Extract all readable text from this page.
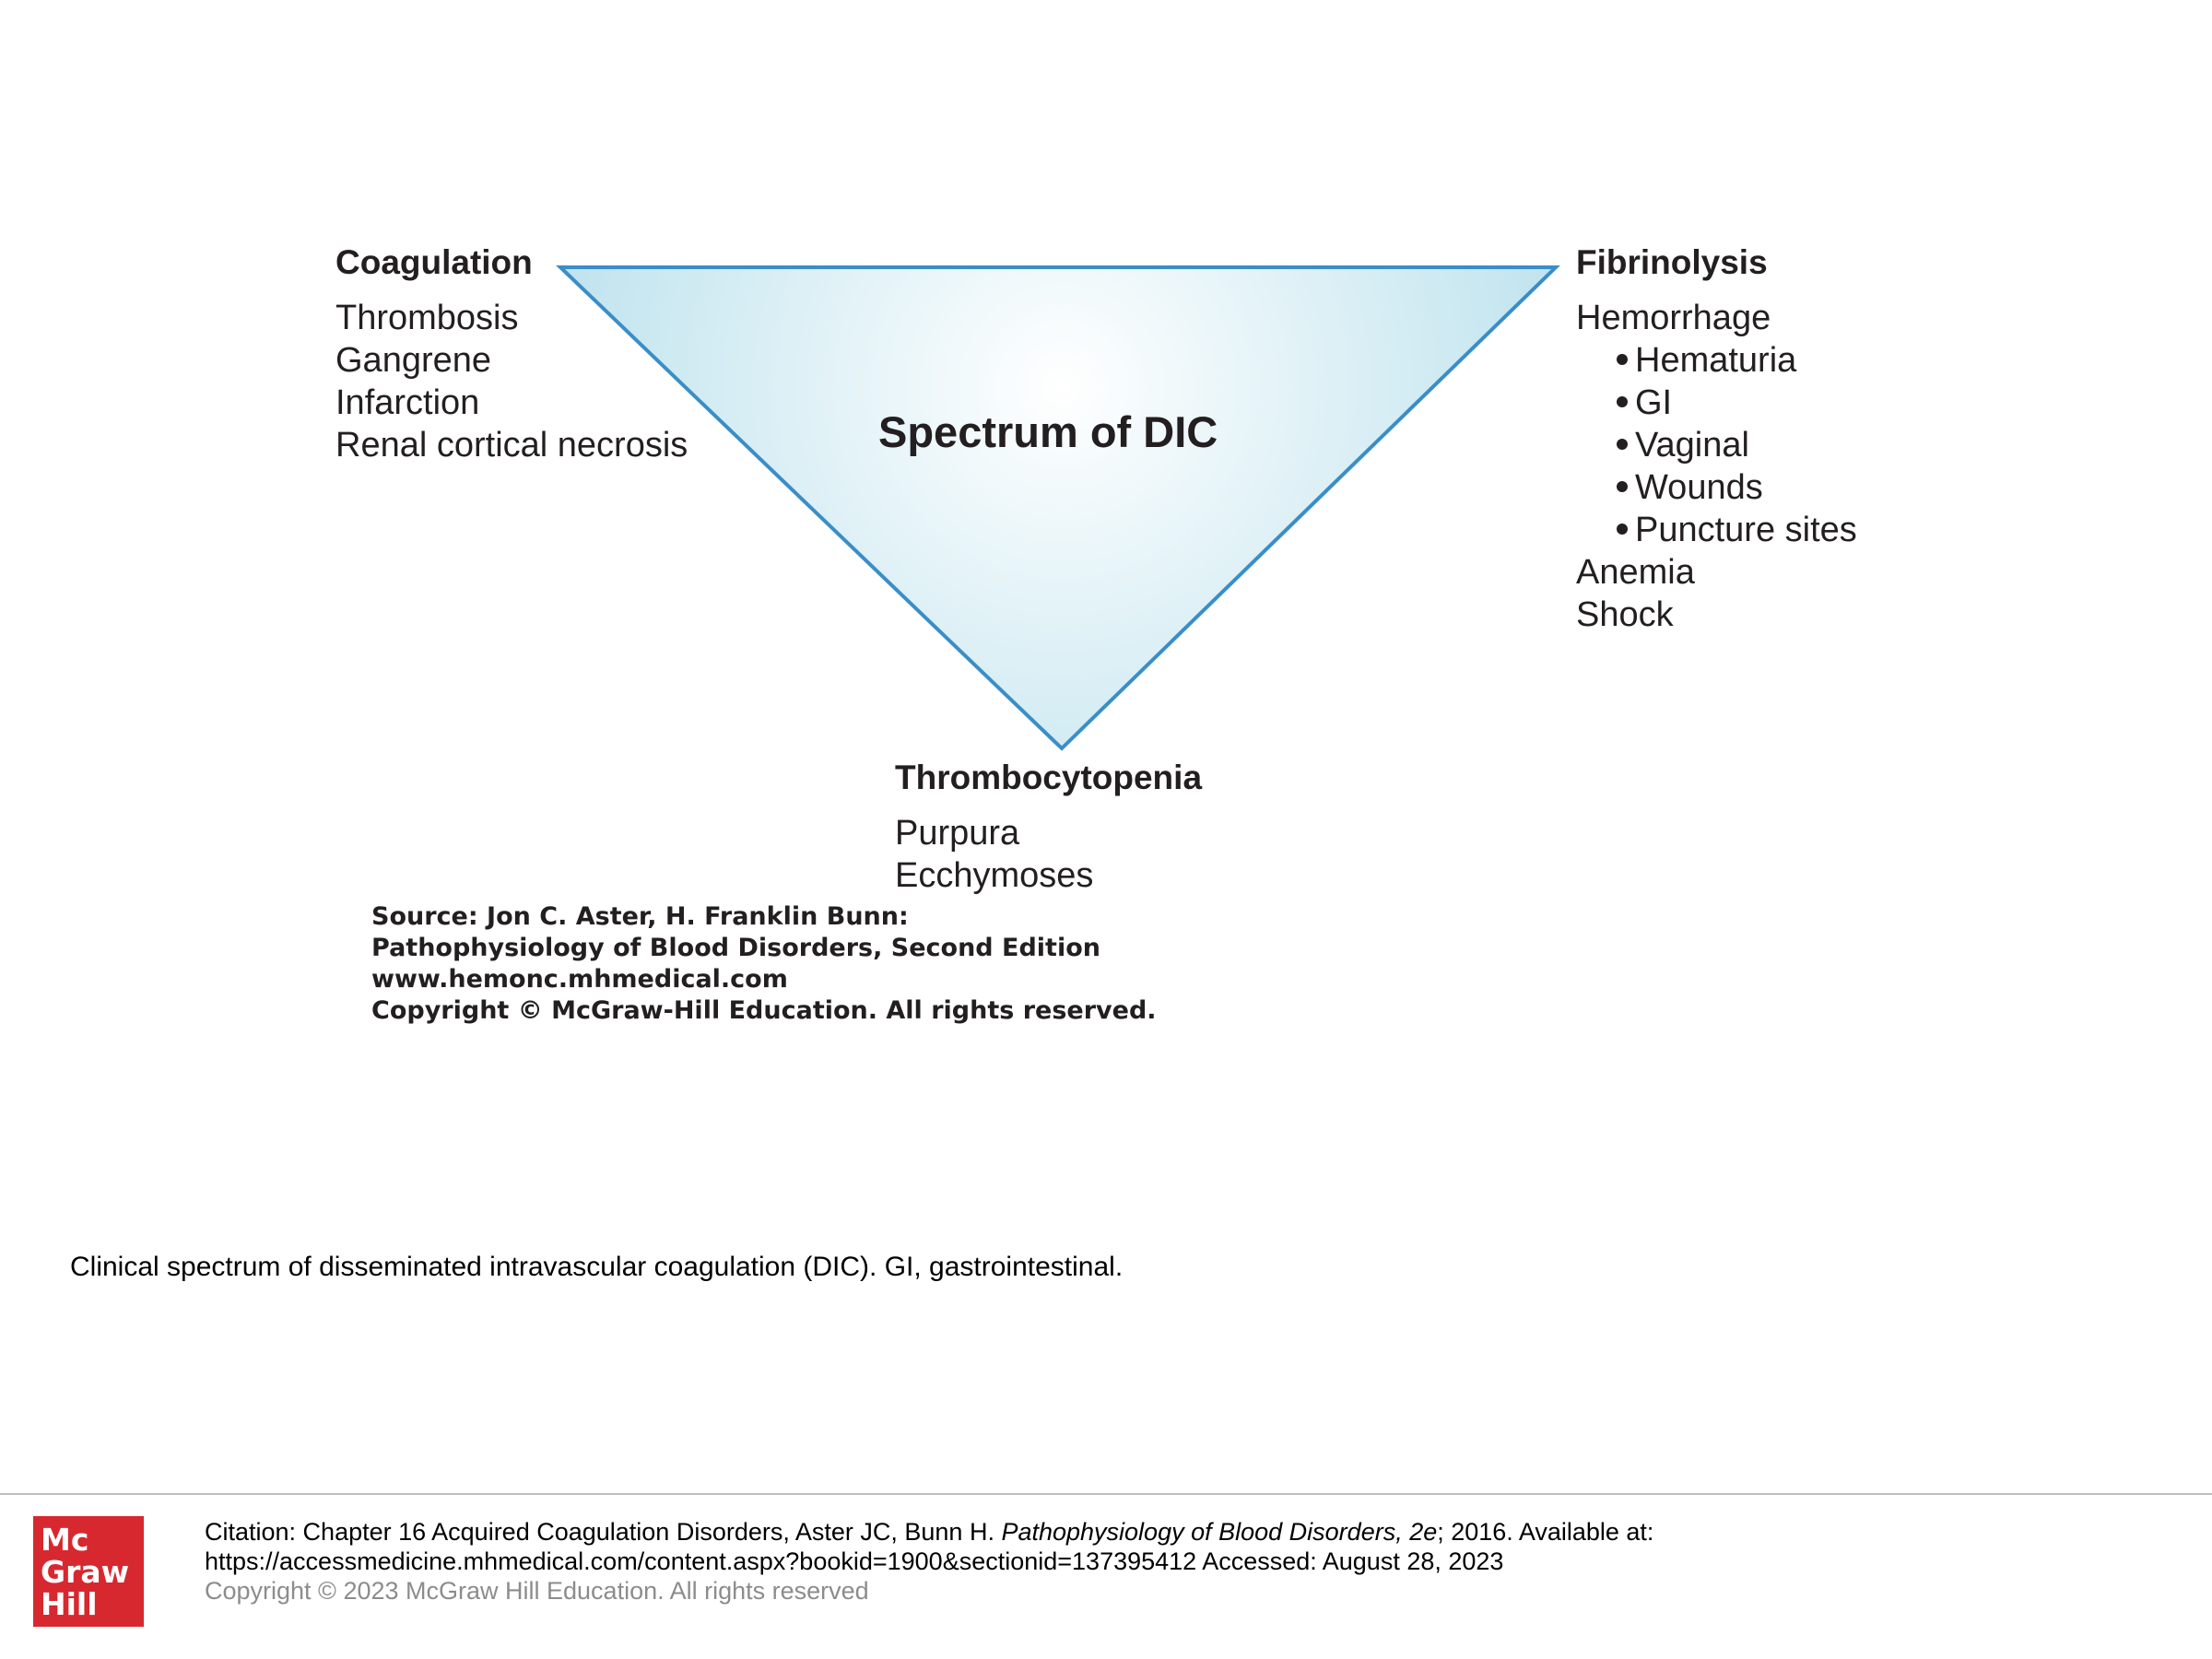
Spectrum of DIC
Coagulation
Thrombosis
Gangrene
Infarction
Renal cortical necrosis
Fibrinolysis
Hemorrhage
Hematuria
GI
Vaginal
Wounds
Puncture sites
Anemia
Shock
Thrombocytopenia
Purpura
Ecchymoses
Source: Jon C. Aster, H. Franklin Bunn:
Pathophysiology of Blood Disorders, Second Edition
www.hemonc.mhmedical.com
Copyright © McGraw-Hill Education. All rights reserved.
Clinical spectrum of disseminated intravascular coagulation (DIC). GI, gastrointestinal.
Mc
Graw
Hill
Citation: Chapter 16 Acquired Coagulation Disorders, Aster JC, Bunn H. Pathophysiology of Blood Disorders, 2e; 2016. Available at:
https://accessmedicine.mhmedical.com/content.aspx?bookid=1900&sectionid=137395412 Accessed: August 28, 2023
Copyright © 2023 McGraw Hill Education. All rights reserved
